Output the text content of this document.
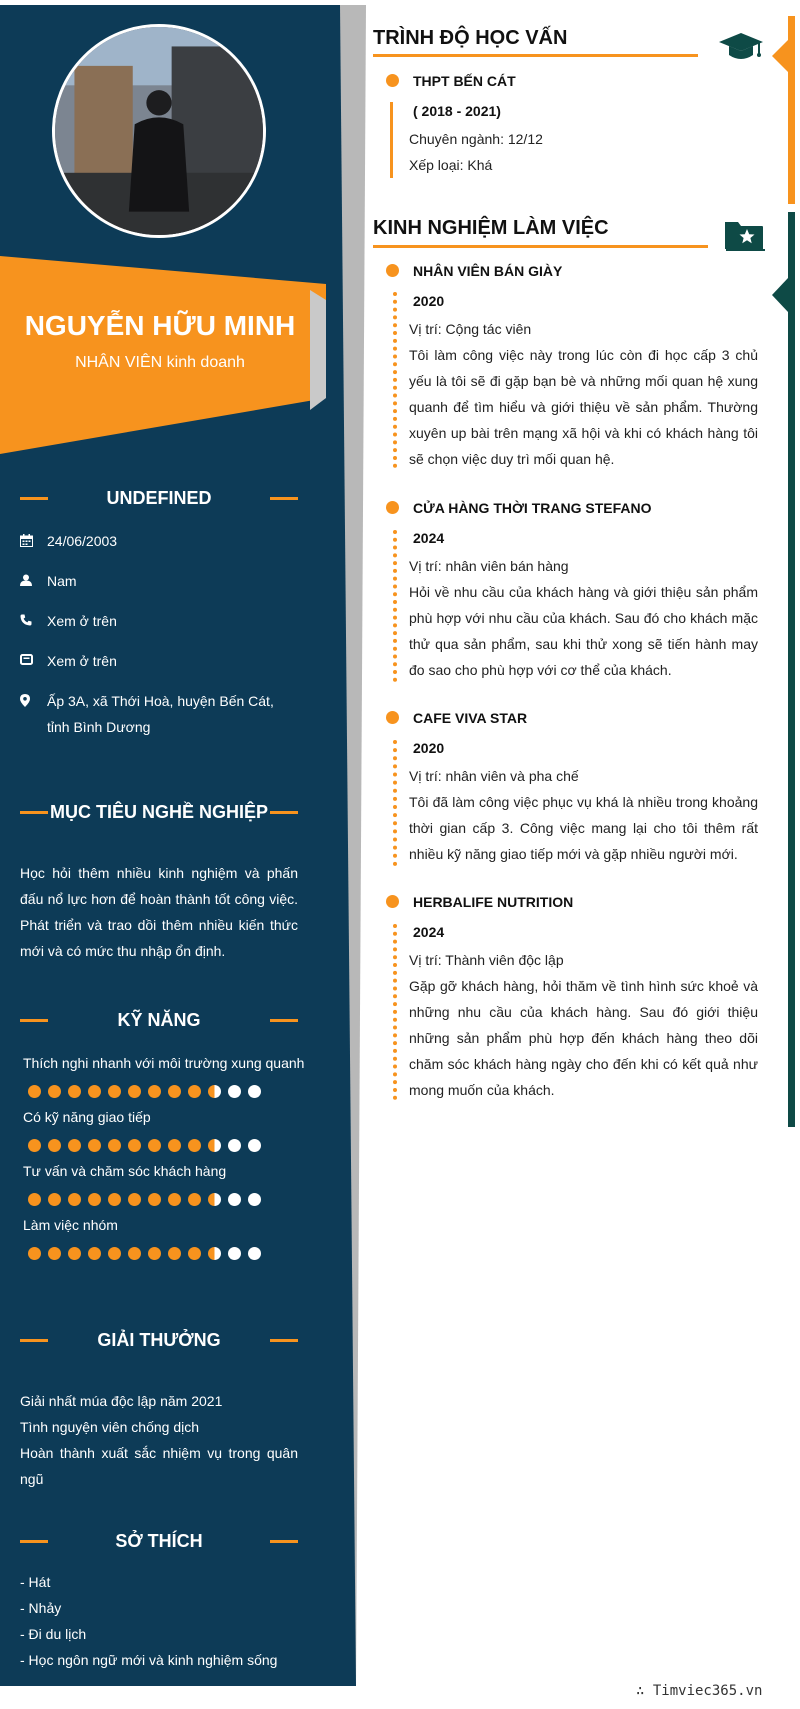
NGUYỄN HỮU MINH
NHÂN VIÊN kinh doanh
UNDEFINED
24/06/2003
Nam
Xem ở trên
Xem ở trên
Ấp 3A, xã Thới Hoà, huyện Bến Cát, tỉnh Bình Dương
MỤC TIÊU NGHỀ NGHIỆP
Học hỏi thêm nhiều kinh nghiệm và phấn đấu nổ lực hơn để hoàn thành tốt công việc. Phát triển và trao dồi thêm nhiều kiến thức mới và có mức thu nhập ổn định.
KỸ NĂNG
Thích nghi nhanh với môi trường xung quanh
Có kỹ năng giao tiếp
Tư vấn và chăm sóc khách hàng
Làm việc nhóm
GIẢI THƯỞNG
Giải nhất múa độc lập năm 2021
Tình nguyện viên chống dịch
Hoàn thành xuất sắc nhiệm vụ trong quân ngũ
SỞ THÍCH
- Hát
- Nhảy
- Đi du lịch
- Học ngôn ngữ mới và kinh nghiệm sống
TRÌNH ĐỘ HỌC VẤN
THPT BẾN CÁT
( 2018 - 2021)
Chuyên ngành: 12/12
Xếp loại: Khá
KINH NGHIỆM LÀM VIỆC
NHÂN VIÊN BÁN GIÀY
2020
Vị trí: Cộng tác viên
Tôi làm công việc này trong lúc còn đi học cấp 3 chủ yếu là tôi sẽ đi gặp bạn bè và những mối quan hệ xung quanh để tìm hiểu và giới thiệu về sản phẩm. Thường xuyên up bài trên mạng xã hội và khi có khách hàng tôi sẽ chọn việc duy trì mối quan hệ.
CỬA HÀNG THỜI TRANG STEFANO
2024
Vị trí: nhân viên bán hàng
Hỏi về nhu cầu của khách hàng và giới thiệu sản phẩm phù hợp với nhu cầu của khách. Sau đó cho khách mặc thử qua sản phẩm, sau khi thử xong sẽ tiến hành may đo sao cho phù hợp với cơ thể của khách.
CAFE VIVA STAR
2020
Vị trí: nhân viên và pha chế
Tôi đã làm công việc phục vụ khá là nhiều trong khoảng thời gian cấp 3. Công việc mang lại cho tôi thêm rất nhiều kỹ năng giao tiếp mới và gặp nhiều người mới.
HERBALIFE NUTRITION
2024
Vị trí: Thành viên độc lập
Gặp gỡ khách hàng, hỏi thăm về tình hình sức khoẻ và những nhu cầu của khách hàng. Sau đó giới thiệu những sản phẩm phù hợp đến khách hàng theo dõi chăm sóc khách hàng ngày cho đến khi có kết quả như mong muốn của khách.
∴ Timviec365.vn
